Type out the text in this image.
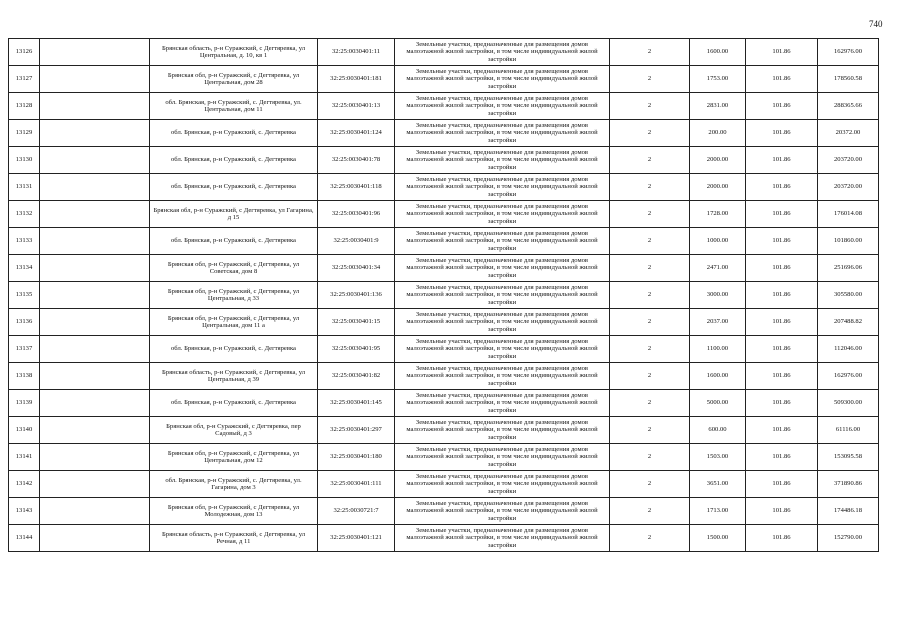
740
13126		Брянская область, р-н Суражский, с Дегтяревка, ул Центральная, д. 10, кв 1	32:25:0030401:11	Земельные участки, предназначенные для размещения домов малоэтажной жилой застройки, в том числе индивидуальной жилой застройки	2	1600.00	101.86	162976.00
13127		Брянская обл, р-н Суражский, с Дегтяревка, ул Центральная, дом 28	32:25:0030401:181	Земельные участки, предназначенные для размещения домов малоэтажной жилой застройки, в том числе индивидуальной жилой застройки	2	1753.00	101.86	178560.58
13128		обл. Брянская, р-н Суражский, с. Дегтяревка, ул. Центральная, дом 11	32:25:0030401:13	Земельные участки, предназначенные для размещения домов малоэтажной жилой застройки, в том числе индивидуальной жилой застройки	2	2831.00	101.86	288365.66
13129		обл. Брянская, р-н Суражский, с. Дегтяревка	32:25:0030401:124	Земельные участки, предназначенные для размещения домов малоэтажной жилой застройки, в том числе индивидуальной жилой застройки	2	200.00	101.86	20372.00
13130		обл. Брянская, р-н Суражский, с. Дегтяревка	32:25:0030401:78	Земельные участки, предназначенные для размещения домов малоэтажной жилой застройки, в том числе индивидуальной жилой застройки	2	2000.00	101.86	203720.00
13131		обл. Брянская, р-н Суражский, с. Дегтяревка	32:25:0030401:118	Земельные участки, предназначенные для размещения домов малоэтажной жилой застройки, в том числе индивидуальной жилой застройки	2	2000.00	101.86	203720.00
13132		Брянская обл, р-н Суражский, с Дегтяревка, ул Гагарина, д 15	32:25:0030401:96	Земельные участки, предназначенные для размещения домов малоэтажной жилой застройки, в том числе индивидуальной жилой застройки	2	1728.00	101.86	176014.08
13133		обл. Брянская, р-н Суражский, с. Дегтяревка	32:25:0030401:9	Земельные участки, предназначенные для размещения домов малоэтажной жилой застройки, в том числе индивидуальной жилой застройки	2	1000.00	101.86	101860.00
13134		Брянская обл, р-н Суражский, с Дегтяревка, ул Советская, дом 8	32:25:0030401:34	Земельные участки, предназначенные для размещения домов малоэтажной жилой застройки, в том числе индивидуальной жилой застройки	2	2471.00	101.86	251696.06
13135		Брянская обл, р-н Суражский, с Дегтяревка, ул Центральная, д 33	32:25:0030401:136	Земельные участки, предназначенные для размещения домов малоэтажной жилой застройки, в том числе индивидуальной жилой застройки	2	3000.00	101.86	305580.00
13136		Брянская обл, р-н Суражский, с Дегтяревка, ул Центральная, дом 11 а	32:25:0030401:15	Земельные участки, предназначенные для размещения домов малоэтажной жилой застройки, в том числе индивидуальной жилой застройки	2	2037.00	101.86	207488.82
13137		обл. Брянская, р-н Суражский, с. Дегтяревка	32:25:0030401:95	Земельные участки, предназначенные для размещения домов малоэтажной жилой застройки, в том числе индивидуальной жилой застройки	2	1100.00	101.86	112046.00
13138		Брянская область, р-н Суражский, с Дегтяревка, ул Центральная, д 39	32:25:0030401:82	Земельные участки, предназначенные для размещения домов малоэтажной жилой застройки, в том числе индивидуальной жилой застройки	2	1600.00	101.86	162976.00
13139		обл. Брянская, р-н Суражский, с. Дегтяревка	32:25:0030401:145	Земельные участки, предназначенные для размещения домов малоэтажной жилой застройки, в том числе индивидуальной жилой застройки	2	5000.00	101.86	509300.00
13140		Брянская обл, р-н Суражский, с Дегтяревка, пер Садовый, д 3	32:25:0030401:297	Земельные участки, предназначенные для размещения домов малоэтажной жилой застройки, в том числе индивидуальной жилой застройки	2	600.00	101.86	61116.00
13141		Брянская обл, р-н Суражский, с Дегтяревка, ул Центральная, дом 12	32:25:0030401:180	Земельные участки, предназначенные для размещения домов малоэтажной жилой застройки, в том числе индивидуальной жилой застройки	2	1503.00	101.86	153095.58
13142		обл. Брянская, р-н Суражский, с. Дегтяревка, ул. Гагарина, дом 3	32:25:0030401:111	Земельные участки, предназначенные для размещения домов малоэтажной жилой застройки, в том числе индивидуальной жилой застройки	2	3651.00	101.86	371890.86
13143		Брянская обл, р-н Суражский, с Дегтяревка, ул Молодежная, дом 13	32:25:0030721:7	Земельные участки, предназначенные для размещения домов малоэтажной жилой застройки, в том числе индивидуальной жилой застройки	2	1713.00	101.86	174486.18
13144		Брянская область, р-н Суражский, с Дегтяревка, ул Речная, д 11	32:25:0030401:121	Земельные участки, предназначенные для размещения домов малоэтажной жилой застройки, в том числе индивидуальной жилой застройки	2	1500.00	101.86	152790.00
